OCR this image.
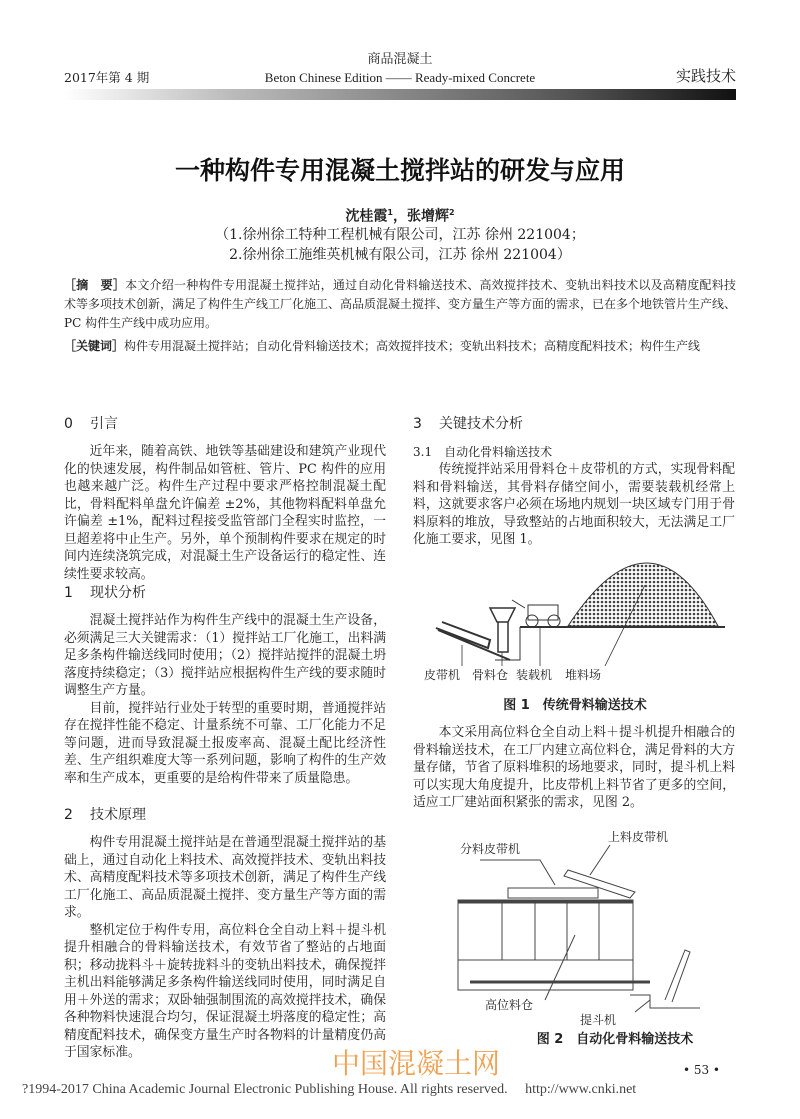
商品混凝土
2017年第 4 期	Beton Chinese Edition —— Ready-mixed Concrete	实践技术
一种构件专用混凝土搅拌站的研发与应用
沈桂霞$^1$，张增辉$^2$
（1.徐州徐工特种工程机械有限公司，江苏 徐州 221004；
2.徐州徐工施维英机械有限公司，江苏 徐州 221004）
［摘　要］本文介绍一种构件专用混凝土搅拌站，通过自动化骨料输送技术、高效搅拌技术、变轨出料技术以及高精度配料技术等多项技术创新，满足了构件生产线工厂化施工、高品质混凝土搅拌、变方量生产等方面的需求，已在多个地铁管片生产线、PC 构件生产线中成功应用。
［关键词］构件专用混凝土搅拌站；自动化骨料输送技术；高效搅拌技术；变轨出料技术；高精度配料技术；构件生产线
0 引言

近年来，随着高铁、地铁等基础建设和建筑产业现代化的快速发展，构件制品如管桩、管片、PC 构件的应用也越来越广泛。构件生产过程中要求严格控制混凝土配比，骨料配料单盘允许偏差 ±2%，其他物料配料单盘允许偏差 ±1%，配料过程接受监管部门全程实时监控，一旦超差将中止生产。另外，单个预制构件要求在规定的时间内连续浇筑完成，对混凝土生产设备运行的稳定性、连续性要求较高。

1 现状分析

混凝土搅拌站作为构件生产线中的混凝土生产设备，必须满足三大关键需求：（1）搅拌站工厂化施工，出料满足多条构件输送线同时使用；（2）搅拌站搅拌的混凝土坍落度持续稳定；（3）搅拌站应根据构件生产线的要求随时调整生产方量。

目前，搅拌站行业处于转型的重要时期，普通搅拌站存在搅拌性能不稳定、计量系统不可靠、工厂化能力不足等问题，进而导致混凝土报废率高、混凝土配比经济性差、生产组织难度大等一系列问题，影响了构件的生产效率和生产成本，更重要的是给构件带来了质量隐患。

2 技术原理

构件专用混凝土搅拌站是在普通型混凝土搅拌站的基础上，通过自动化上料技术、高效搅拌技术、变轨出料技术、高精度配料技术等多项技术创新，满足了构件生产线工厂化施工、高品质混凝土搅拌、变方量生产等方面的需求。

整机定位于构件专用，高位料仓全自动上料＋提斗机提升相融合的骨料输送技术，有效节省了整站的占地面积；移动拢料斗＋旋转拢料斗的变轨出料技术，确保搅拌主机出料能够满足多条构件输送线同时使用，同时满足自用＋外送的需求；双卧轴强制围流的高效搅拌技术，确保各种物料快速混合均匀，保证混凝土坍落度的稳定性；高精度配料技术，确保变方量生产时各物料的计量精度仍高于国家标准。

3 关键技术分析
3.1　自动化骨料输送技术

传统搅拌站采用骨料仓＋皮带机的方式，实现骨料配料和骨料输送，其骨料存储空间小，需要装载机经常上料，这就要求客户必须在场地内规划一块区域专门用于骨料原料的堆放，导致整站的占地面积较大，无法满足工厂化施工要求，见图 1。

皮带机 骨料仓 装载机 堆料场
图 1　传统骨料输送技术

本文采用高位料仓全自动上料＋提斗机提升相融合的骨料输送技术，在工厂内建立高位料仓，满足骨料的大方量存储，节省了原料堆积的场地要求，同时，提斗机上料可以实现大角度提升，比皮带机上料节省了更多的空间，适应工厂建站面积紧张的需求，见图 2。

分料皮带机
上料皮带机
高位料仓
提斗机
图 2　自动化骨料输送技术
• 53 •
中国混凝土网
?1994-2017 China Academic Journal Electronic Publishing House. All rights reserved.　 http://www.cnki.net
